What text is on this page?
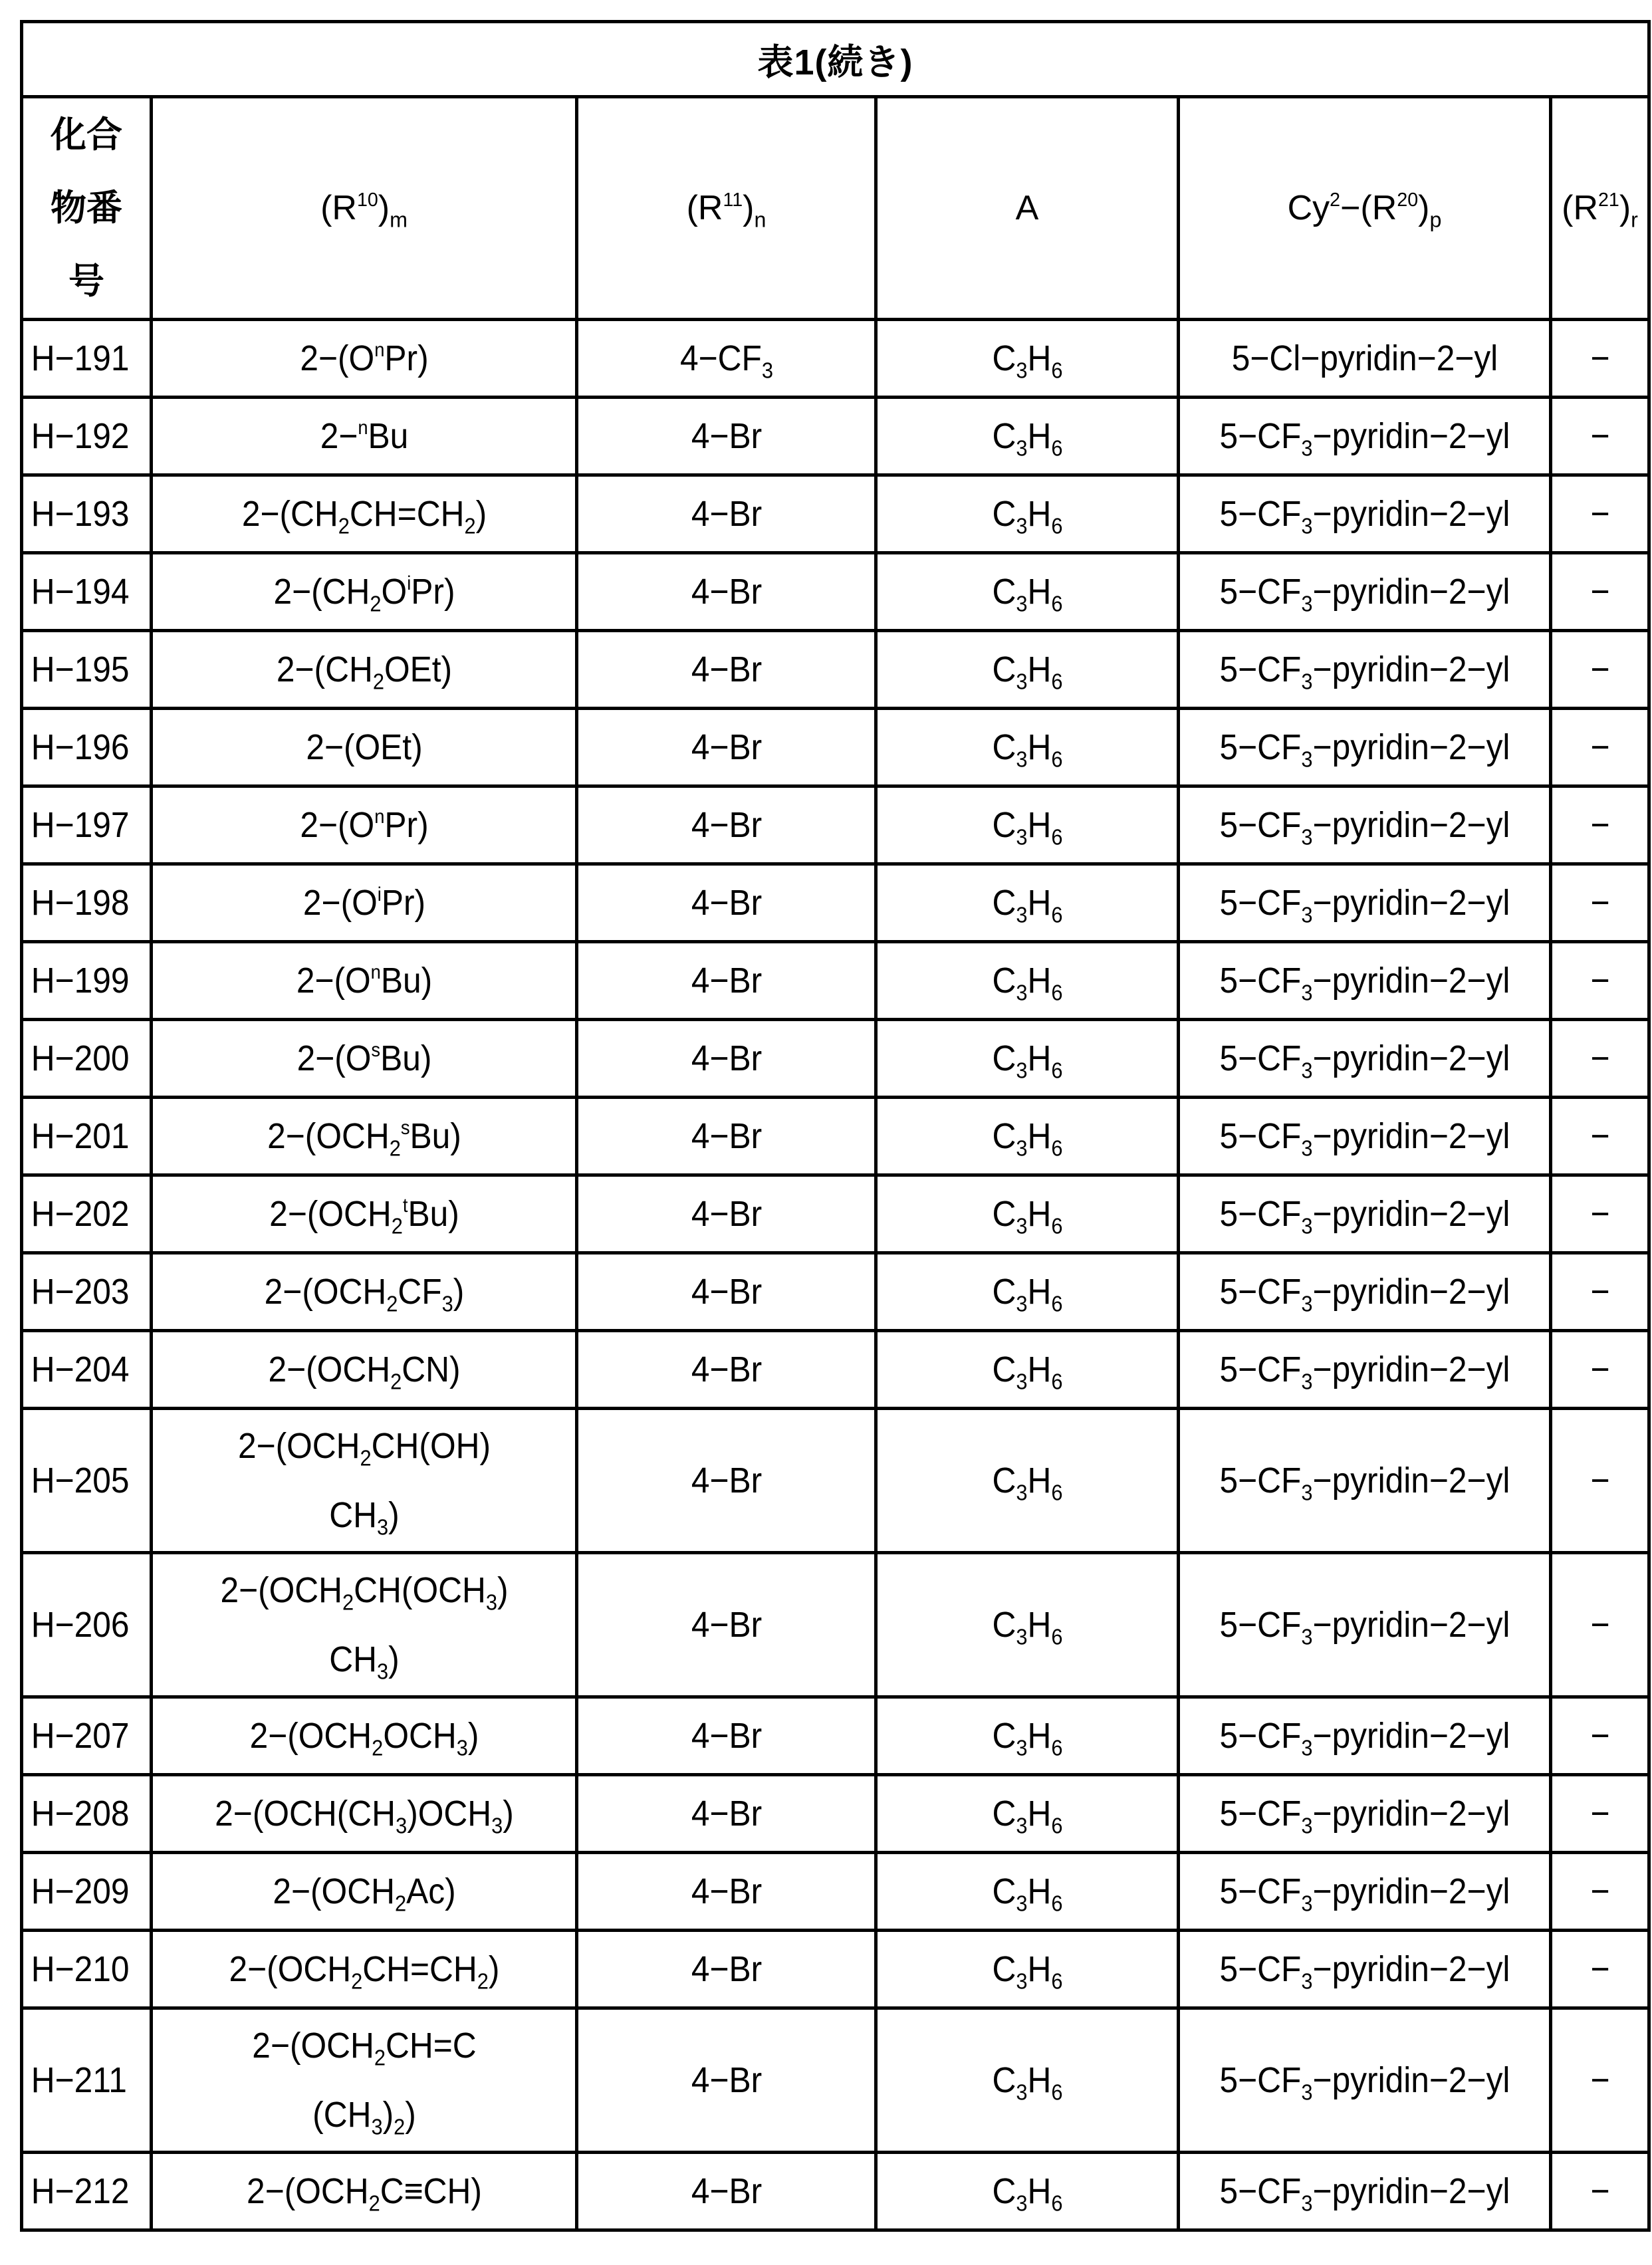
表1(続き)					

化合
物番
号	$(R^{10})_m$	$(R^{11})_n$	A	$Cy^2-(R^{20})_p$	$(R^{21})_r$
H−191	$2-(O^nPr)$	$4-CF_3$	$C_3H_6$	5−Cl−pyridin−2−yl	−
H−192	2−$^n$Bu	4−Br	$C_3H_6$	$5-CF_3-pyridin-2-yl$	−
H−193	$2-(CH_2CH=CH_2)$	4−Br	$C_3H_6$	$5-CF_3-pyridin-2-yl$	−
H−194	$2-(CH_2O^iPr)$	4−Br	$C_3H_6$	$5-CF_3-pyridin-2-yl$	−
H−195	$2-(CH_2OEt)$	4−Br	$C_3H_6$	$5-CF_3-pyridin-2-yl$	−
H−196	2−(OEt)	4−Br	$C_3H_6$	$5-CF_3-pyridin-2-yl$	−
H−197	$2-(O^nPr)$	4−Br	$C_3H_6$	$5-CF_3-pyridin-2-yl$	−
H−198	$2-(O^iPr)$	4−Br	$C_3H_6$	$5-CF_3-pyridin-2-yl$	−
H−199	$2-(O^nBu)$	4−Br	$C_3H_6$	$5-CF_3-pyridin-2-yl$	−
H−200	$2-(O^sBu)$	4−Br	$C_3H_6$	$5-CF_3-pyridin-2-yl$	−
H−201	$2-(OCH_2^sBu)$	4−Br	$C_3H_6$	$5-CF_3-pyridin-2-yl$	−
H−202	$2-(OCH_2^tBu)$	4−Br	$C_3H_6$	$5-CF_3-pyridin-2-yl$	−
H−203	$2-(OCH_2CF_3)$	4−Br	$C_3H_6$	$5-CF_3-pyridin-2-yl$	−
H−204	$2-(OCH_2CN)$	4−Br	$C_3H_6$	$5-CF_3-pyridin-2-yl$	−
H−205	$2-(OCH_2CH(OH)$
$CH_3$)	4−Br	$C_3H_6$	$5-CF_3-pyridin-2-yl$	−
H−206	$2-(OCH_2CH(OCH_3)$
$CH_3$)	4−Br	$C_3H_6$	$5-CF_3-pyridin-2-yl$	−
H−207	$2-(OCH_2OCH_3)$	4−Br	$C_3H_6$	$5-CF_3-pyridin-2-yl$	−
H−208	$2-(OCH(CH_3)OCH_3)$	4−Br	$C_3H_6$	$5-CF_3-pyridin-2-yl$	−
H−209	$2-(OCH_2Ac)$	4−Br	$C_3H_6$	$5-CF_3-pyridin-2-yl$	−
H−210	$2-(OCH_2CH=CH_2)$	4−Br	$C_3H_6$	$5-CF_3-pyridin-2-yl$	−
H−211	$2-(OCH_2CH=C$
$(CH_3)_2$)	4−Br	$C_3H_6$	$5-CF_3-pyridin-2-yl$	−
H−212	$2-(OCH_2C\equiv CH)$	4−Br	$C_3H_6$	$5-CF_3-pyridin-2-yl$	−
